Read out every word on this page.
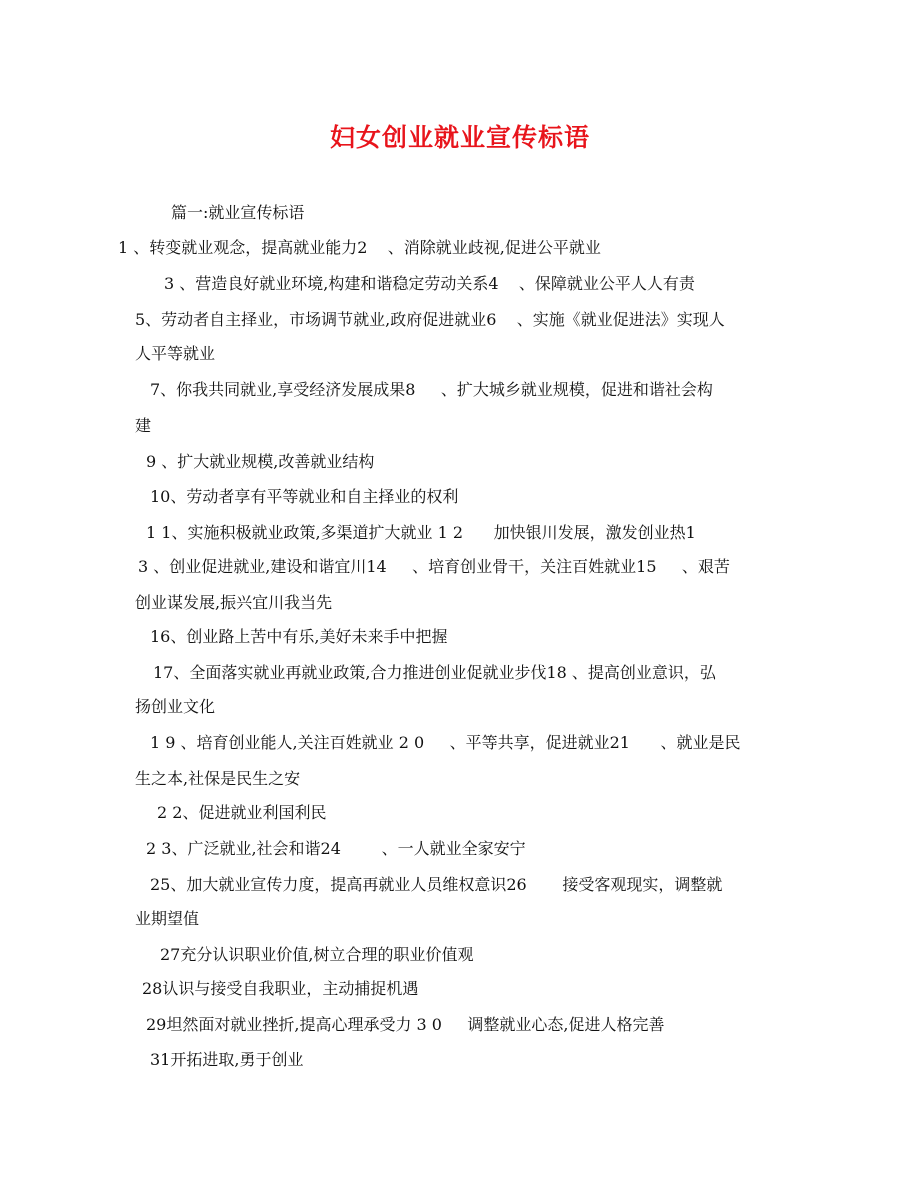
妇女创业就业宣传标语
篇一:就业宣传标语
1 、转变就业观念，提高就业能力2    、消除就业歧视,促进公平就业
3 、营造良好就业环境,构建和谐稳定劳动关系4    、保障就业公平人人有责
5、劳动者自主择业，市场调节就业,政府促进就业6    、实施《就业促进法》实现人
人平等就业
7、你我共同就业,享受经济发展成果8     、扩大城乡就业规模，促进和谐社会构
建
9 、扩大就业规模,改善就业结构
10、劳动者享有平等就业和自主择业的权利
1 1、实施积极就业政策,多渠道扩大就业 1 2      加快银川发展，激发创业热1
3 、创业促进就业,建设和谐宜川14     、培育创业骨干，关注百姓就业15     、艰苦
创业谋发展,振兴宜川我当先
16、创业路上苦中有乐,美好未来手中把握
17、全面落实就业再就业政策,合力推进创业促就业步伐18 、提高创业意识，弘
扬创业文化
1 9 、培育创业能人,关注百姓就业 2 0     、平等共享，促进就业21      、就业是民
生之本,社保是民生之安
2 2、促进就业利国利民
2 3、广泛就业,社会和谐24        、一人就业全家安宁
25、加大就业宣传力度，提高再就业人员维权意识26       接受客观现实，调整就
业期望值
27充分认识职业价值,树立合理的职业价值观
28认识与接受自我职业，主动捕捉机遇
29坦然面对就业挫折,提高心理承受力 3 0     调整就业心态,促进人格完善
31开拓进取,勇于创业
